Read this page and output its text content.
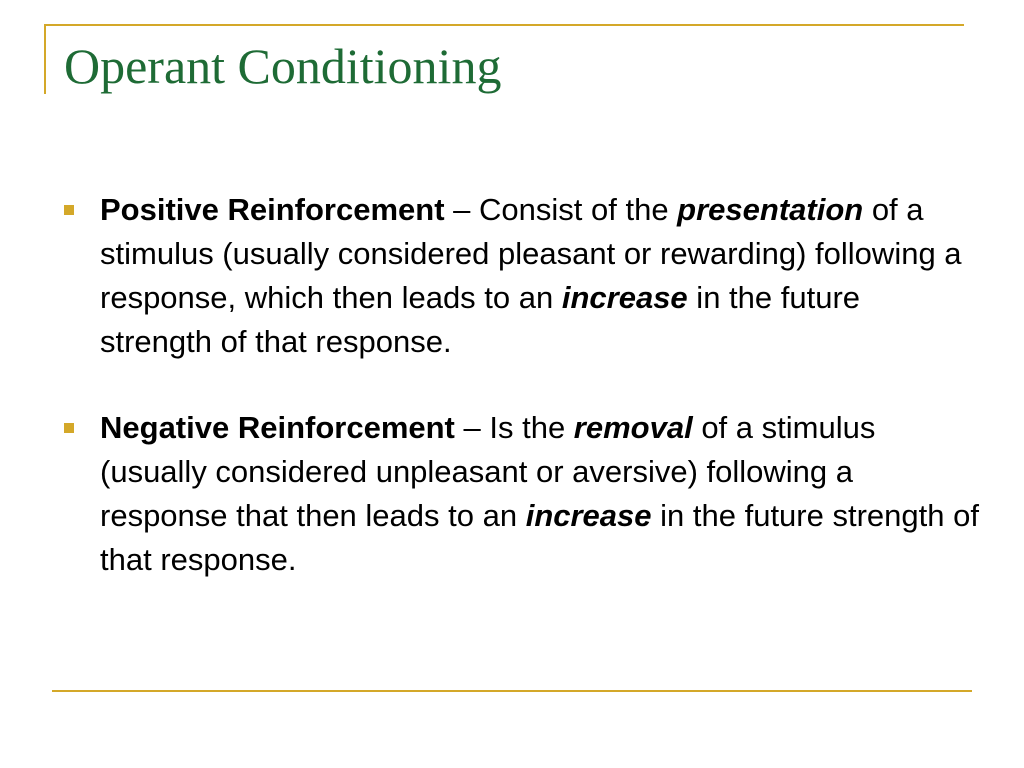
Operant Conditioning
Positive Reinforcement – Consist of the presentation of a stimulus (usually considered pleasant or rewarding) following a response, which then leads to an increase in the future strength of that response.
Negative Reinforcement – Is the removal of a stimulus (usually considered unpleasant or aversive) following a response that then leads to an increase in the future strength of that response.
